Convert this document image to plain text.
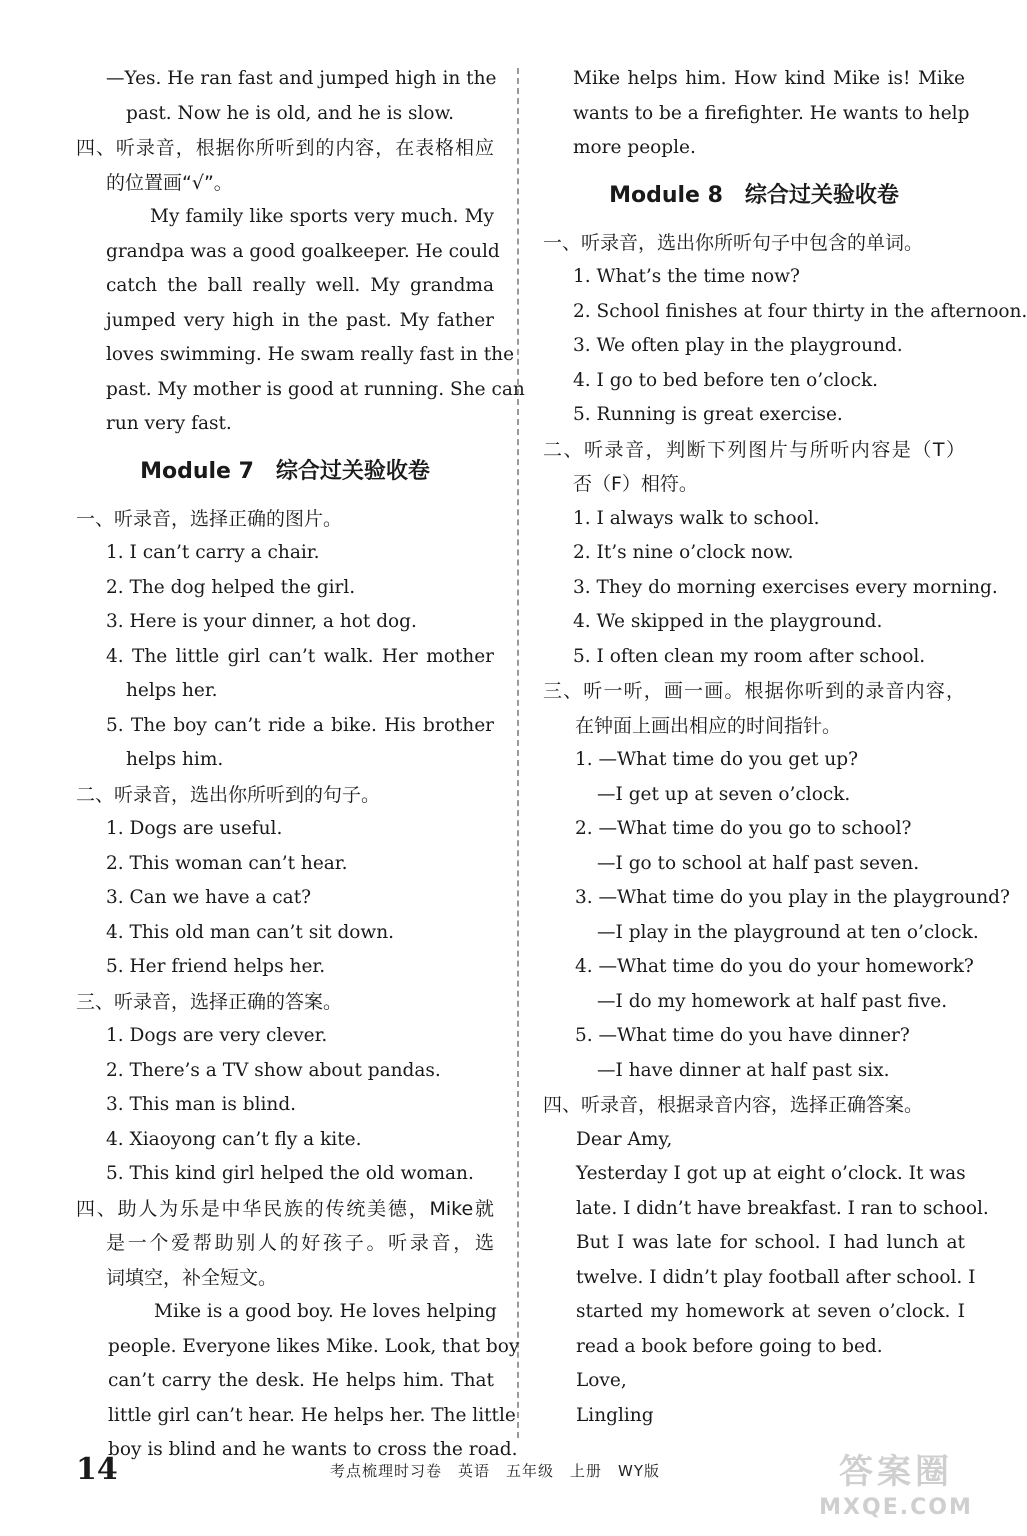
—Yes. He ran fast and jumped high in the
past. Now he is old, and he is slow.
四、听录音，根据你所听到的内容，在表格相应
的位置画“√”。
My family like sports very much. My
grandpa was a good goalkeeper. He could
catch the ball really well. My grandma
jumped very high in the past. My father
loves swimming. He swam really fast in the
past. My mother is good at running. She can
run very fast.
Module 7　综合过关验收卷
一、听录音，选择正确的图片。
1. I can’t carry a chair.
2. The dog helped the girl.
3. Here is your dinner, a hot dog.
4. The little girl can’t walk. Her mother
helps her.
5. The boy can’t ride a bike. His brother
helps him.
二、听录音，选出你所听到的句子。
1. Dogs are useful.
2. This woman can’t hear.
3. Can we have a cat?
4. This old man can’t sit down.
5. Her friend helps her.
三、听录音，选择正确的答案。
1. Dogs are very clever.
2. There’s a TV show about pandas.
3. This man is blind.
4. Xiaoyong can’t fly a kite.
5. This kind girl helped the old woman.
四、助人为乐是中华民族的传统美德，Mike就
是一个爱帮助别人的好孩子。听录音，选
词填空，补全短文。
Mike is a good boy. He loves helping
people. Everyone likes Mike. Look, that boy
can’t carry the desk. He helps him. That
little girl can’t hear. He helps her. The little
boy is blind and he wants to cross the road.
Mike helps him. How kind Mike is! Mike
wants to be a firefighter. He wants to help
more people.
Module 8　综合过关验收卷
一、听录音，选出你所听句子中包含的单词。
1. What’s the time now?
2. School finishes at four thirty in the afternoon.
3. We often play in the playground.
4. I go to bed before ten o’clock.
5. Running is great exercise.
二、听录音，判断下列图片与所听内容是（T）
否（F）相符。
1. I always walk to school.
2. It’s nine o’clock now.
3. They do morning exercises every morning.
4. We skipped in the playground.
5. I often clean my room after school.
三、听一听，画一画。根据你听到的录音内容，
在钟面上画出相应的时间指针。
1. —What time do you get up?
—I get up at seven o’clock.
2. —What time do you go to school?
—I go to school at half past seven.
3. —What time do you play in the playground?
—I play in the playground at ten o’clock.
4. —What time do you do your homework?
—I do my homework at half past five.
5. —What time do you have dinner?
—I have dinner at half past six.
四、听录音，根据录音内容，选择正确答案。
Dear Amy,
Yesterday I got up at eight o’clock. It was
late. I didn’t have breakfast. I ran to school.
But I was late for school. I had lunch at
twelve. I didn’t play football after school. I
started my homework at seven o’clock. I
read a book before going to bed.
Love,
Lingling
14	考点梳理时习卷　英语　五年级　上册　WY版	答案圈
MXQE.COM
